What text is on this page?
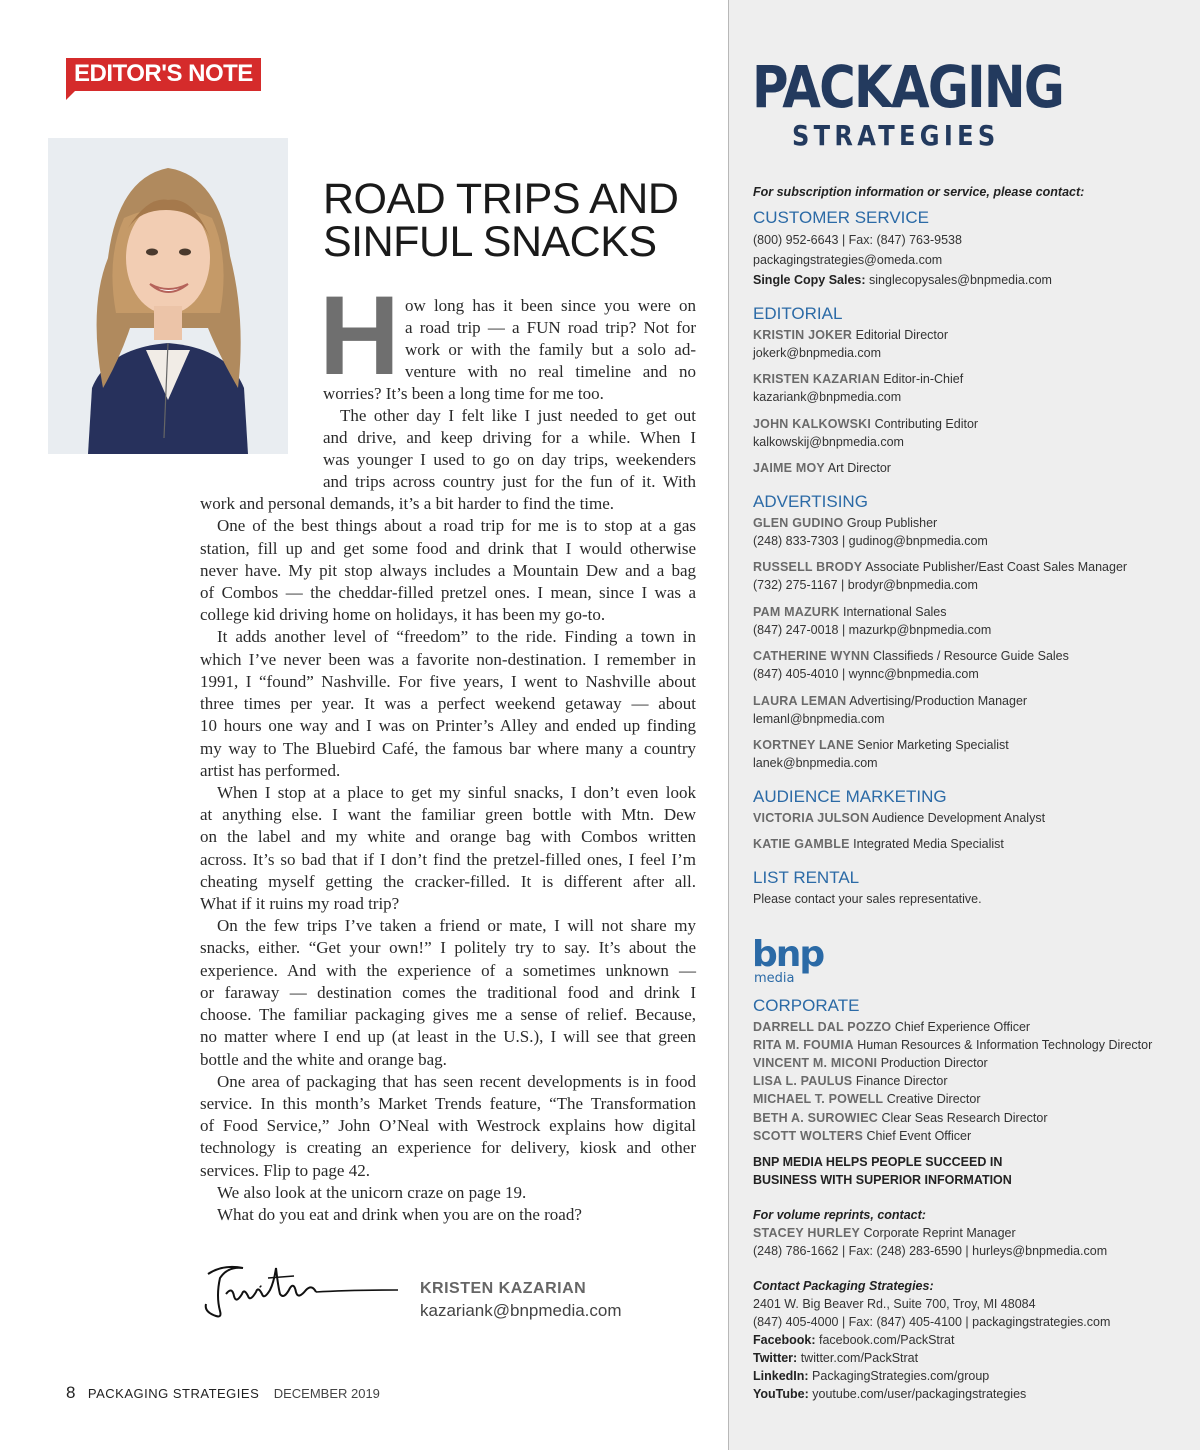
EDITOR'S NOTE
ROAD TRIPS AND
SINFUL SNACKS
H ow long has it been since you were on
a road trip — a FUN road trip? Not for
work or with the family but a solo ad-
venture with no real timeline and no
worries? It’s been a long time for me too.
The other day I felt like I just needed to get out
and drive, and keep driving for a while. When I
was younger I used to go on day trips, weekenders
and trips across country just for the fun of it. With
work and personal demands, it’s a bit harder to find the time.
One of the best things about a road trip for me is to stop at a gas
station, fill up and get some food and drink that I would otherwise
never have. My pit stop always includes a Mountain Dew and a bag
of Combos — the cheddar-filled pretzel ones. I mean, since I was a
college kid driving home on holidays, it has been my go-to.
It adds another level of “freedom” to the ride. Finding a town in
which I’ve never been was a favorite non-destination. I remember in
1991, I “found” Nashville. For five years, I went to Nashville about
three times per year. It was a perfect weekend getaway — about
10 hours one way and I was on Printer’s Alley and ended up finding
my way to The Bluebird Café, the famous bar where many a country
artist has performed.
When I stop at a place to get my sinful snacks, I don’t even look
at anything else. I want the familiar green bottle with Mtn. Dew
on the label and my white and orange bag with Combos written
across. It’s so bad that if I don’t find the pretzel-filled ones, I feel I’m
cheating myself getting the cracker-filled. It is different after all.
What if it ruins my road trip?
On the few trips I’ve taken a friend or mate, I will not share my
snacks, either. “Get your own!” I politely try to say. It’s about the
experience. And with the experience of a sometimes unknown —
or faraway — destination comes the traditional food and drink I
choose. The familiar packaging gives me a sense of relief. Because,
no matter where I end up (at least in the U.S.), I will see that green
bottle and the white and orange bag.
One area of packaging that has seen recent developments is in food
service. In this month’s Market Trends feature, “The Transformation
of Food Service,” John O’Neal with Westrock explains how digital
technology is creating an experience for delivery, kiosk and other
services. Flip to page 42.
We also look at the unicorn craze on page 19.
What do you eat and drink when you are on the road?
KRISTEN KAZARIAN
kazariank@bnpmedia.com
8 PACKAGING STRATEGIES DECEMBER 2019
PACKAGING
STRATEGIES
For subscription information or service, please contact:
CUSTOMER SERVICE
(800) 952-6643 | Fax: (847) 763-9538
packagingstrategies@omeda.com
Single Copy Sales: singlecopysales@bnpmedia.com
EDITORIAL
KRISTIN JOKER Editorial Director
jokerk@bnpmedia.com
KRISTEN KAZARIAN Editor-in-Chief
kazariank@bnpmedia.com
JOHN KALKOWSKI Contributing Editor
kalkowskij@bnpmedia.com
JAIME MOY Art Director
ADVERTISING
GLEN GUDINO Group Publisher
(248) 833-7303 | gudinog@bnpmedia.com
RUSSELL BRODY Associate Publisher/East Coast Sales Manager
(732) 275-1167 | brodyr@bnpmedia.com
PAM MAZURK International Sales
(847) 247-0018 | mazurkp@bnpmedia.com
CATHERINE WYNN Classifieds / Resource Guide Sales
(847) 405-4010 | wynnc@bnpmedia.com
LAURA LEMAN Advertising/Production Manager
lemanl@bnpmedia.com
KORTNEY LANE Senior Marketing Specialist
lanek@bnpmedia.com
AUDIENCE MARKETING
VICTORIA JULSON Audience Development Analyst
KATIE GAMBLE Integrated Media Specialist
LIST RENTAL
Please contact your sales representative.
bnp
media
CORPORATE
DARRELL DAL POZZO Chief Experience Officer
RITA M. FOUMIA Human Resources & Information Technology Director
VINCENT M. MICONI Production Director
LISA L. PAULUS Finance Director
MICHAEL T. POWELL Creative Director
BETH A. SUROWIEC Clear Seas Research Director
SCOTT WOLTERS Chief Event Officer
BNP MEDIA HELPS PEOPLE SUCCEED IN
BUSINESS WITH SUPERIOR INFORMATION
For volume reprints, contact:
STACEY HURLEY Corporate Reprint Manager
(248) 786-1662 | Fax: (248) 283-6590 | hurleys@bnpmedia.com
Contact Packaging Strategies:
2401 W. Big Beaver Rd., Suite 700, Troy, MI 48084
(847) 405-4000 | Fax: (847) 405-4100 | packagingstrategies.com
Facebook: facebook.com/PackStrat
Twitter: twitter.com/PackStrat
LinkedIn: PackagingStrategies.com/group
YouTube: youtube.com/user/packagingstrategies
